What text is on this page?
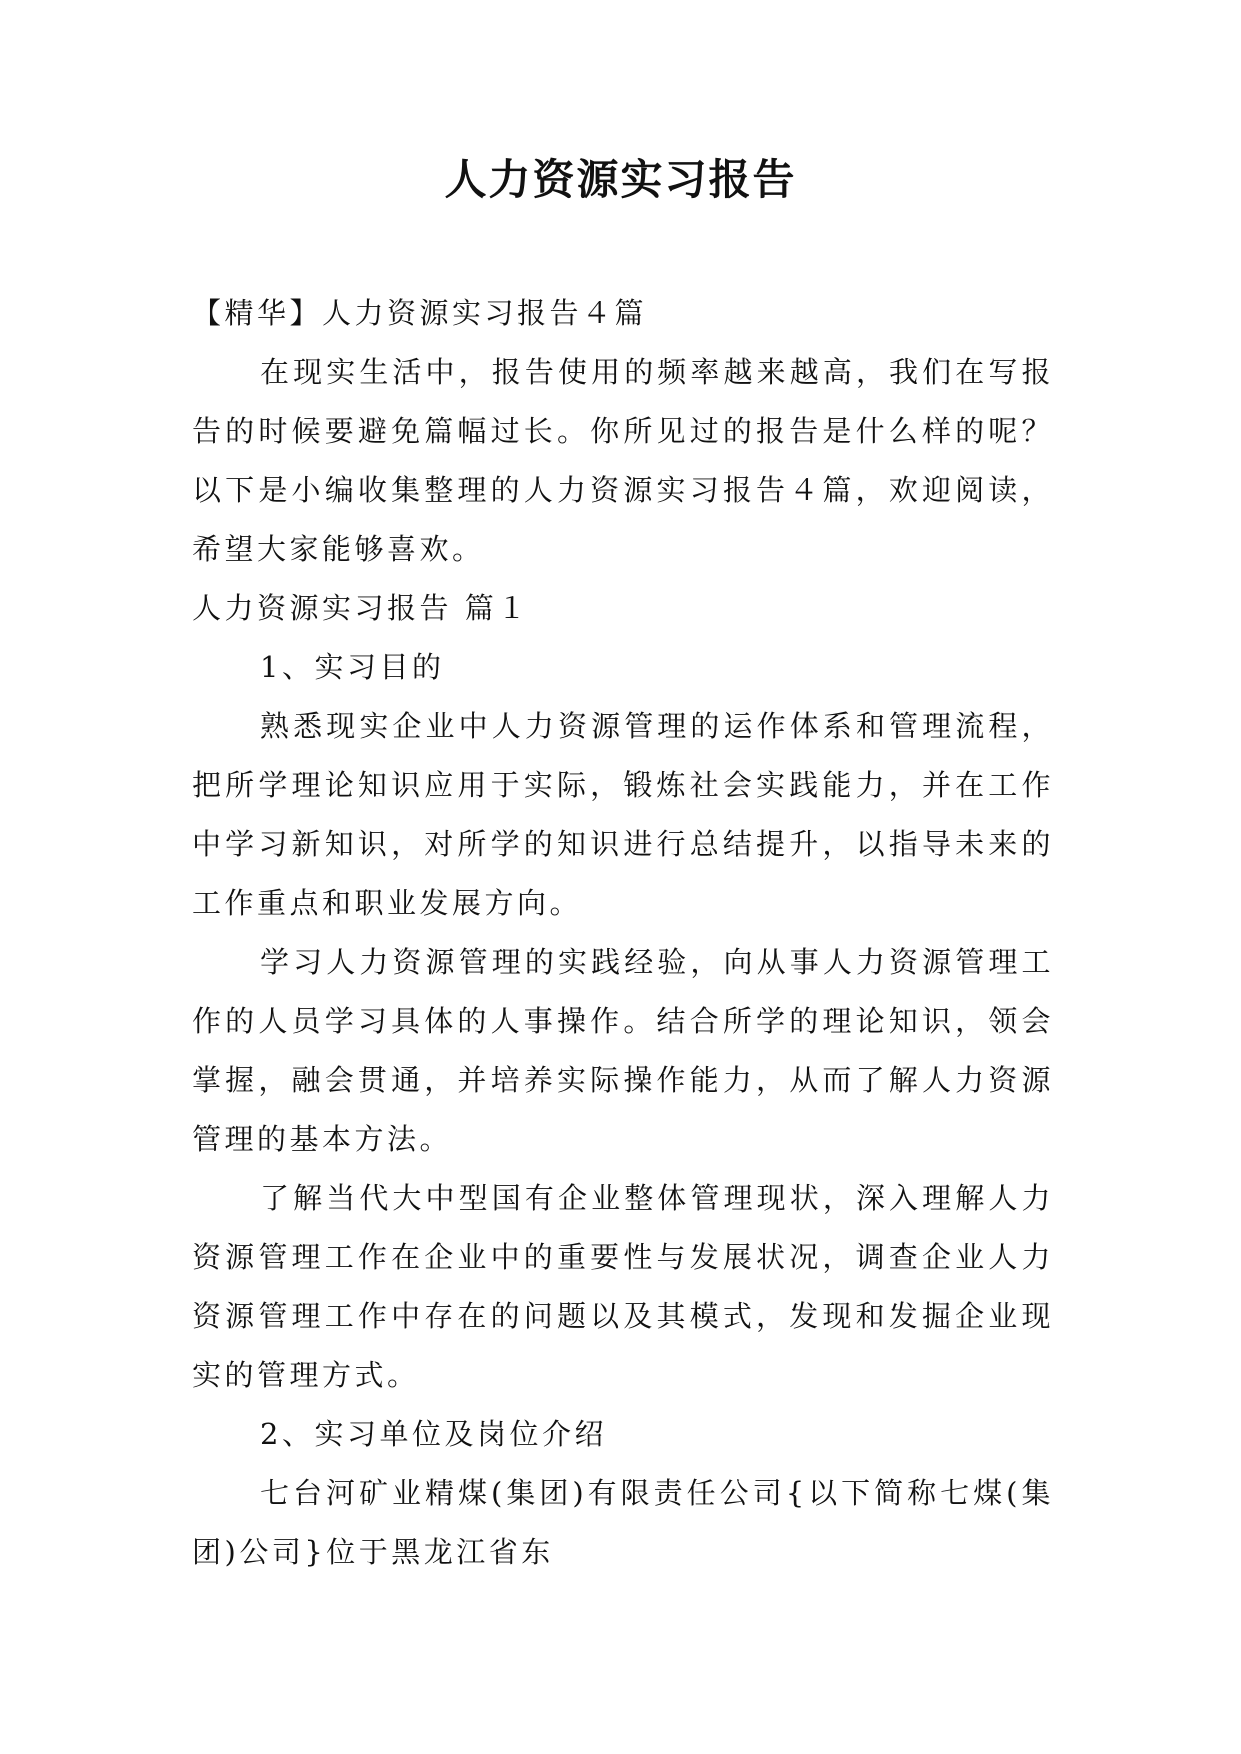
人力资源实习报告

【精华】人力资源实习报告４篇

在现实生活中，报告使用的频率越来越高，我们在写报告的时候要避免篇幅过长。你所见过的报告是什么样的呢？以下是小编收集整理的人力资源实习报告４篇，欢迎阅读，希望大家能够喜欢。

人力资源实习报告 篇１

1、实习目的

熟悉现实企业中人力资源管理的运作体系和管理流程，把所学理论知识应用于实际，锻炼社会实践能力，并在工作中学习新知识，对所学的知识进行总结提升，以指导未来的工作重点和职业发展方向。

学习人力资源管理的实践经验，向从事人力资源管理工作的人员学习具体的人事操作。结合所学的理论知识，领会掌握，融会贯通，并培养实际操作能力，从而了解人力资源管理的基本方法。

了解当代大中型国有企业整体管理现状，深入理解人力资源管理工作在企业中的重要性与发展状况，调查企业人力资源管理工作中存在的问题以及其模式，发现和发掘企业现实的管理方式。

2、实习单位及岗位介绍

七台河矿业精煤(集团)有限责任公司{以下简称七煤(集团)公司}位于黑龙江省东
